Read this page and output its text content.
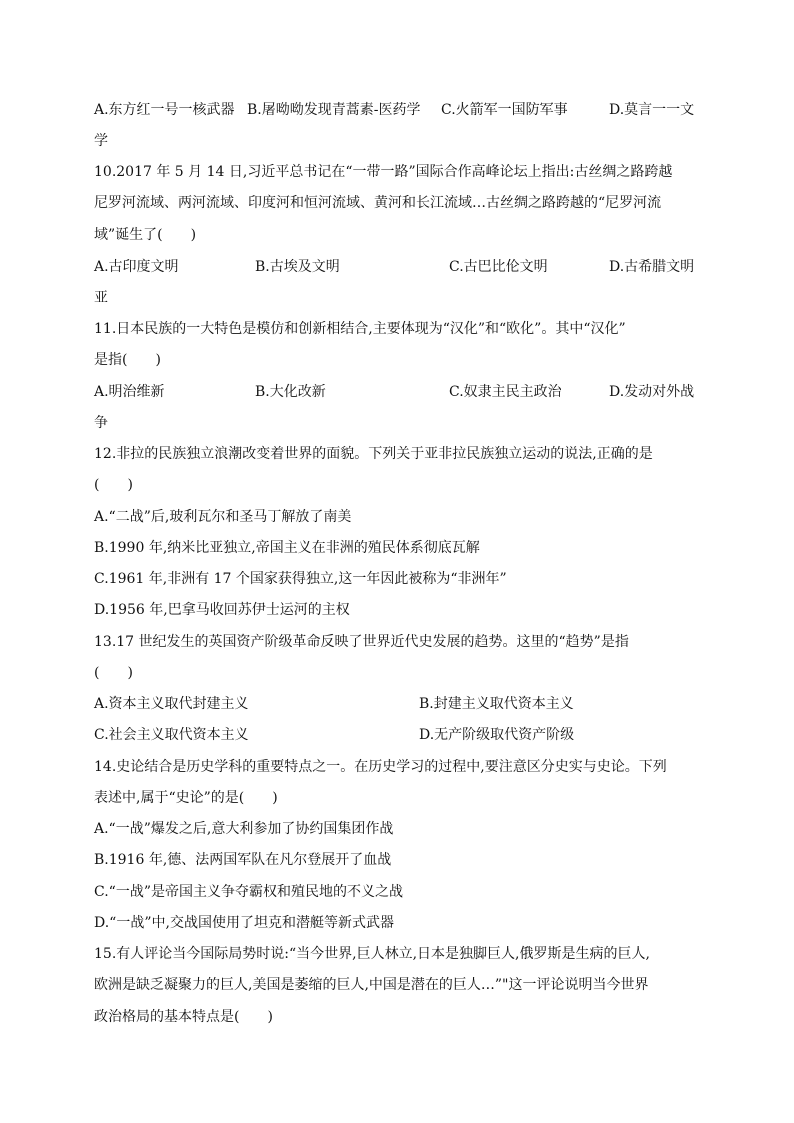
A.东方红一号一核武器 B.屠呦呦发现青蒿素-医药学 C.火箭军一国防军事	D.莫言一一文
学
10.2017 年 5 月 14 日,习近平总书记在“一带一路”国际合作高峰论坛上指出:古丝绸之路跨越
尼罗河流域、两河流域、印度河和恒河流域、黄河和长江流域…古丝绸之路跨越的“尼罗河流
域”诞生了(　　)
A.古印度文明	B.古埃及文明	C.古巴比伦文明	D.古希腊文明
亚
11.日本民族的一大特色是模仿和创新相结合,主要体现为“汉化”和“欧化”。其中“汉化”
是指(　　)
A.明治维新	B.大化改新	C.奴隶主民主政治	D.发动对外战
争
12.非拉的民族独立浪潮改变着世界的面貌。下列关于亚非拉民族独立运动的说法,正确的是
(　　)
A.“二战”后,玻利瓦尔和圣马丁解放了南美
B.1990 年,纳米比亚独立,帝国主义在非洲的殖民体系彻底瓦解
C.1961 年,非洲有 17 个国家获得独立,这一年因此被称为“非洲年”
D.1956 年,巴拿马收回苏伊士运河的主权
13.17 世纪发生的英国资产阶级革命反映了世界近代史发展的趋势。这里的“趋势”是指
(　　)
A.资本主义取代封建主义	B.封建主义取代资本主义
C.社会主义取代资本主义	D.无产阶级取代资产阶级
14.史论结合是历史学科的重要特点之一。在历史学习的过程中,要注意区分史实与史论。下列
表述中,属于“史论”的是(　　)
A.“一战”爆发之后,意大利参加了协约国集团作战
B.1916 年,德、法两国军队在凡尔登展开了血战
C.“一战”是帝国主义争夺霸权和殖民地的不义之战
D.“一战”中,交战国使用了坦克和潜艇等新式武器
15.有人评论当今国际局势时说:“当今世界,巨人林立,日本是独脚巨人,俄罗斯是生病的巨人,
欧洲是缺乏凝聚力的巨人,美国是萎缩的巨人,中国是潜在的巨人…”"这一评论说明当今世界
政治格局的基本特点是(　　)
